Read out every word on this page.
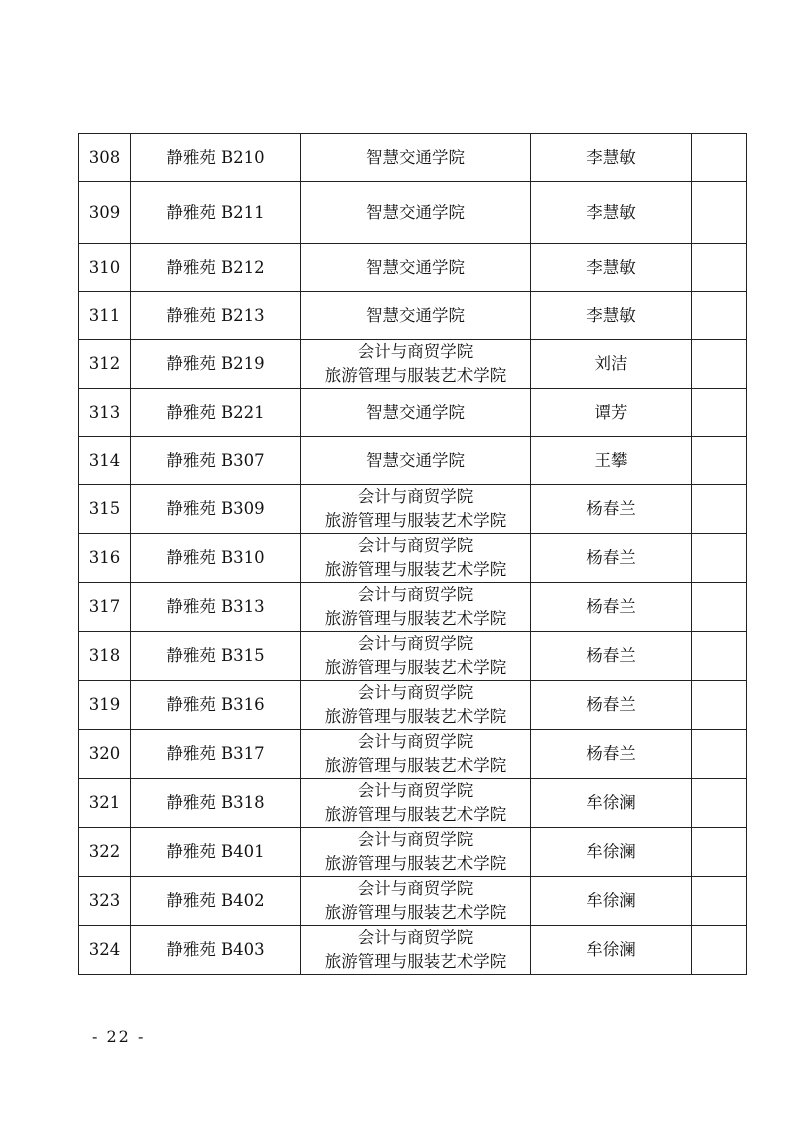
308	静雅苑 B210	智慧交通学院	李慧敏	
309	静雅苑 B211	智慧交通学院	李慧敏	
310	静雅苑 B212	智慧交通学院	李慧敏	
311	静雅苑 B213	智慧交通学院	李慧敏	
312	静雅苑 B219	会计与商贸学院
旅游管理与服装艺术学院	刘洁	
313	静雅苑 B221	智慧交通学院	谭芳	
314	静雅苑 B307	智慧交通学院	王攀	
315	静雅苑 B309	会计与商贸学院
旅游管理与服装艺术学院	杨春兰	
316	静雅苑 B310	会计与商贸学院
旅游管理与服装艺术学院	杨春兰	
317	静雅苑 B313	会计与商贸学院
旅游管理与服装艺术学院	杨春兰	
318	静雅苑 B315	会计与商贸学院
旅游管理与服装艺术学院	杨春兰	
319	静雅苑 B316	会计与商贸学院
旅游管理与服装艺术学院	杨春兰	
320	静雅苑 B317	会计与商贸学院
旅游管理与服装艺术学院	杨春兰	
321	静雅苑 B318	会计与商贸学院
旅游管理与服装艺术学院	牟徐澜	
322	静雅苑 B401	会计与商贸学院
旅游管理与服装艺术学院	牟徐澜	
323	静雅苑 B402	会计与商贸学院
旅游管理与服装艺术学院	牟徐澜	
324	静雅苑 B403	会计与商贸学院
旅游管理与服装艺术学院	牟徐澜	
- 22 -
